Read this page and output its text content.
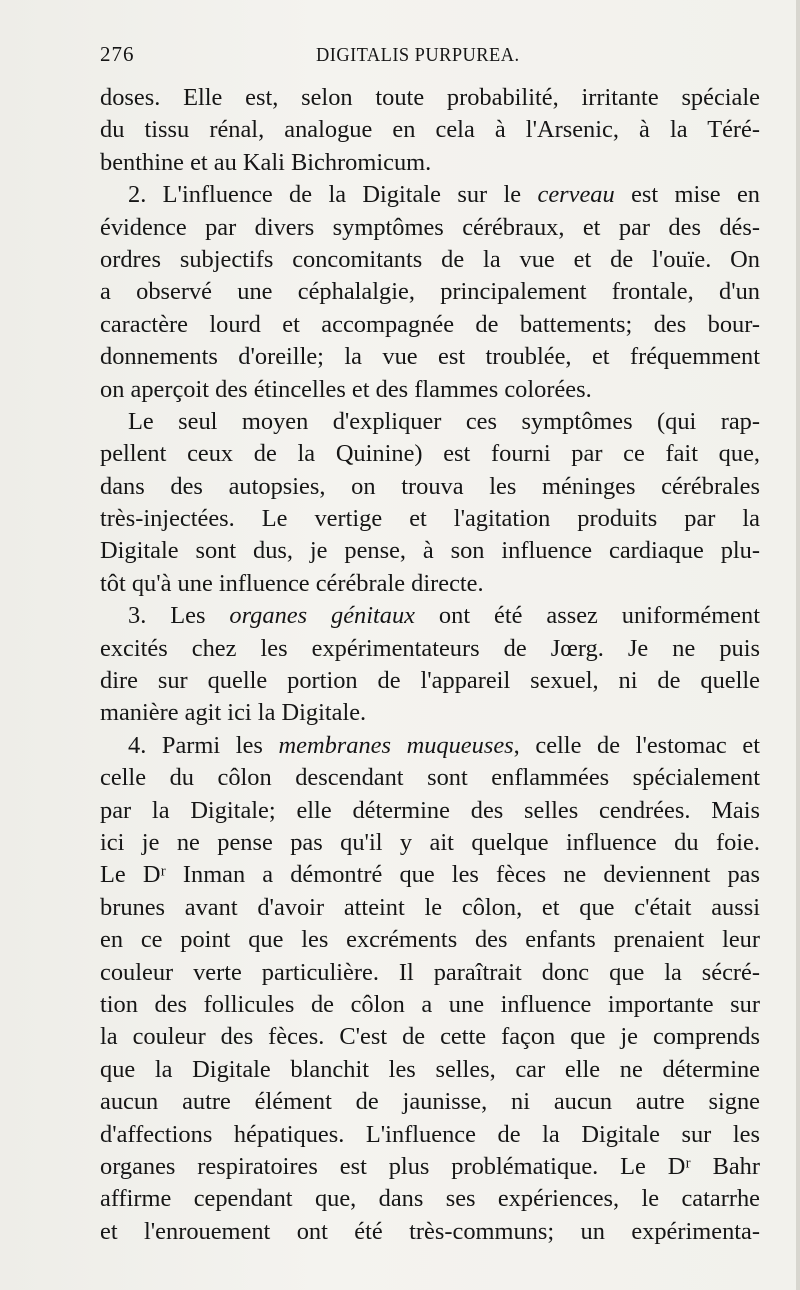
276	DIGITALIS PURPUREA.
doses. Elle est, selon toute probabilité, irritante spéciale
du tissu rénal, analogue en cela à l'Arsenic, à la Téré-
benthine et au Kali Bichromicum.
2. L'influence de la Digitale sur le cerveau est mise en
évidence par divers symptômes cérébraux, et par des dés-
ordres subjectifs concomitants de la vue et de l'ouïe. On
a observé une céphalalgie, principalement frontale, d'un
caractère lourd et accompagnée de battements; des bour-
donnements d'oreille; la vue est troublée, et fréquemment
on aperçoit des étincelles et des flammes colorées.
Le seul moyen d'expliquer ces symptômes (qui rap-
pellent ceux de la Quinine) est fourni par ce fait que,
dans des autopsies, on trouva les méninges cérébrales
très-injectées. Le vertige et l'agitation produits par la
Digitale sont dus, je pense, à son influence cardiaque plu-
tôt qu'à une influence cérébrale directe.
3. Les organes génitaux ont été assez uniformément
excités chez les expérimentateurs de Jœrg. Je ne puis
dire sur quelle portion de l'appareil sexuel, ni de quelle
manière agit ici la Digitale.
4. Parmi les membranes muqueuses, celle de l'estomac et
celle du côlon descendant sont enflammées spécialement
par la Digitale; elle détermine des selles cendrées. Mais
ici je ne pense pas qu'il y ait quelque influence du foie.
Le Dʳ Inman a démontré que les fèces ne deviennent pas
brunes avant d'avoir atteint le côlon, et que c'était aussi
en ce point que les excréments des enfants prenaient leur
couleur verte particulière. Il paraîtrait donc que la sécré-
tion des follicules de côlon a une influence importante sur
la couleur des fèces. C'est de cette façon que je comprends
que la Digitale blanchit les selles, car elle ne détermine
aucun autre élément de jaunisse, ni aucun autre signe
d'affections hépatiques. L'influence de la Digitale sur les
organes respiratoires est plus problématique. Le Dʳ Bahr
affirme cependant que, dans ses expériences, le catarrhe
et l'enrouement ont été très-communs; un expérimenta-
